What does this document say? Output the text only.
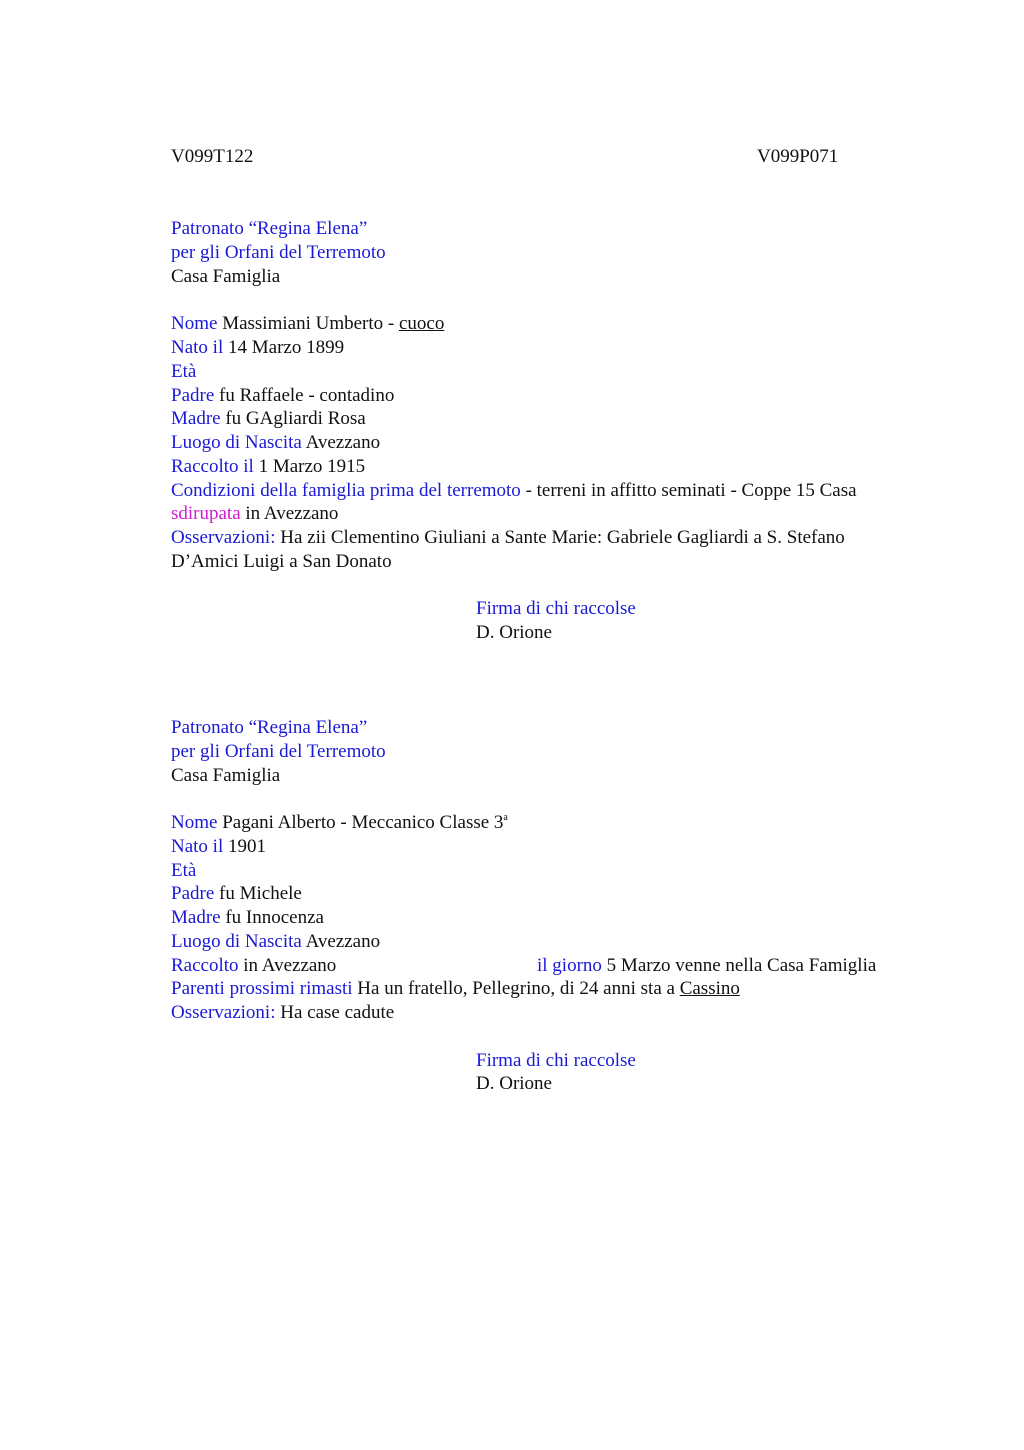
V099T122	V099P071
Patronato “Regina Elena”
per gli Orfani del Terremoto
Casa Famiglia
Nome Massimiani Umberto - cuoco
Nato il 14 Marzo 1899
Età
Padre fu Raffaele - contadino
Madre fu GAgliardi Rosa
Luogo di Nascita Avezzano
Raccolto il 1 Marzo 1915
Condizioni della famiglia prima del terremoto - terreni in affitto seminati - Coppe 15 Casa
sdirupata in Avezzano
Osservazioni: Ha zii Clementino Giuliani a Sante Marie: Gabriele Gagliardi a S. Stefano
D’Amici Luigi a San Donato
Firma di chi raccolse
D. Orione
Patronato “Regina Elena”
per gli Orfani del Terremoto
Casa Famiglia
Nome Pagani Alberto - Meccanico Classe 3$^a$
Nato il 1901
Età
Padre fu Michele
Madre fu Innocenza
Luogo di Nascita Avezzano
Raccolto in Avezzano	il giorno 5 Marzo venne nella Casa Famiglia
Parenti prossimi rimasti Ha un fratello, Pellegrino, di 24 anni sta a Cassino
Osservazioni: Ha case cadute
Firma di chi raccolse
D. Orione
